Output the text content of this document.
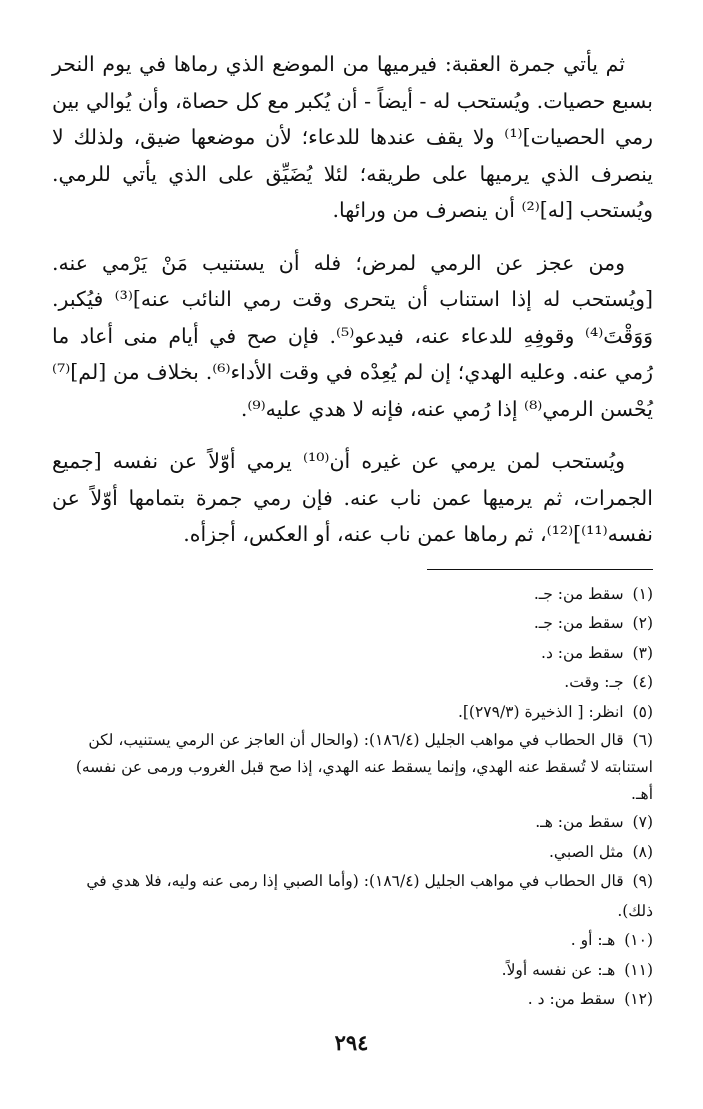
ثم يأتي جمرة العقبة: فيرميها من الموضع الذي رماها في يوم النحر بسبع حصيات. ويُستحب له - أيضاً - أن يُكبر مع كل حصاة، وأن يُوالي بين رمي الحصيات]⁽¹⁾ ولا يقف عندها للدعاء؛ لأن موضعها ضيق، ولذلك لا ينصرف الذي يرميها على طريقه؛ لئلا يُضَيِّق على الذي يأتي للرمي. ويُستحب [له]⁽²⁾ أن ينصرف من ورائها.

ومن عجز عن الرمي لمرض؛ فله أن يستنيب مَنْ يَرْمي عنه. [ويُستحب له إذا استناب أن يتحرى وقت رمي النائب عنه]⁽³⁾ فيُكبر. وَوَقْتَ⁽⁴⁾ وقوفِهِ للدعاء عنه، فيدعو⁽⁵⁾. فإن صح في أيام منى أعاد ما رُمي عنه. وعليه الهدي؛ إن لم يُعِدْه في وقت الأداء⁽⁶⁾. بخلاف من [لم]⁽⁷⁾ يُحْسن الرمي⁽⁸⁾ إذا رُمي عنه، فإنه لا هدي عليه⁽⁹⁾.

ويُستحب لمن يرمي عن غيره أن⁽¹⁰⁾ يرمي أوّلاً عن نفسه [جميع الجمرات، ثم يرميها عمن ناب عنه. فإن رمي جمرة بتمامها أوّلاً عن نفسه⁽¹¹⁾]⁽¹²⁾، ثم رماها عمن ناب عنه، أو العكس، أجزأه.

(١) سقط من: جـ.
(٢) سقط من: جـ.
(٣) سقط من: د.
(٤) جـ: وقت.
(٥) انظر: [ الذخيرة (٢٧٩/٣)].
(٦) قال الحطاب في مواهب الجليل (١٨٦/٤): (والحال أن العاجز عن الرمي يستنيب، لكن استنابته لا تُسقط عنه الهدي، وإنما يسقط عنه الهدي، إذا صح قبل الغروب ورمى عن نفسه) أهـ.
(٧) سقط من: هـ.
(٨) مثل الصبي.
(٩) قال الحطاب في مواهب الجليل (١٨٦/٤): (وأما الصبي إذا رمى عنه وليه، فلا هدي في ذلك).
(١٠) هـ: أو .
(١١) هـ: عن نفسه أولاً.
(١٢) سقط من: د .
٢٩٤
